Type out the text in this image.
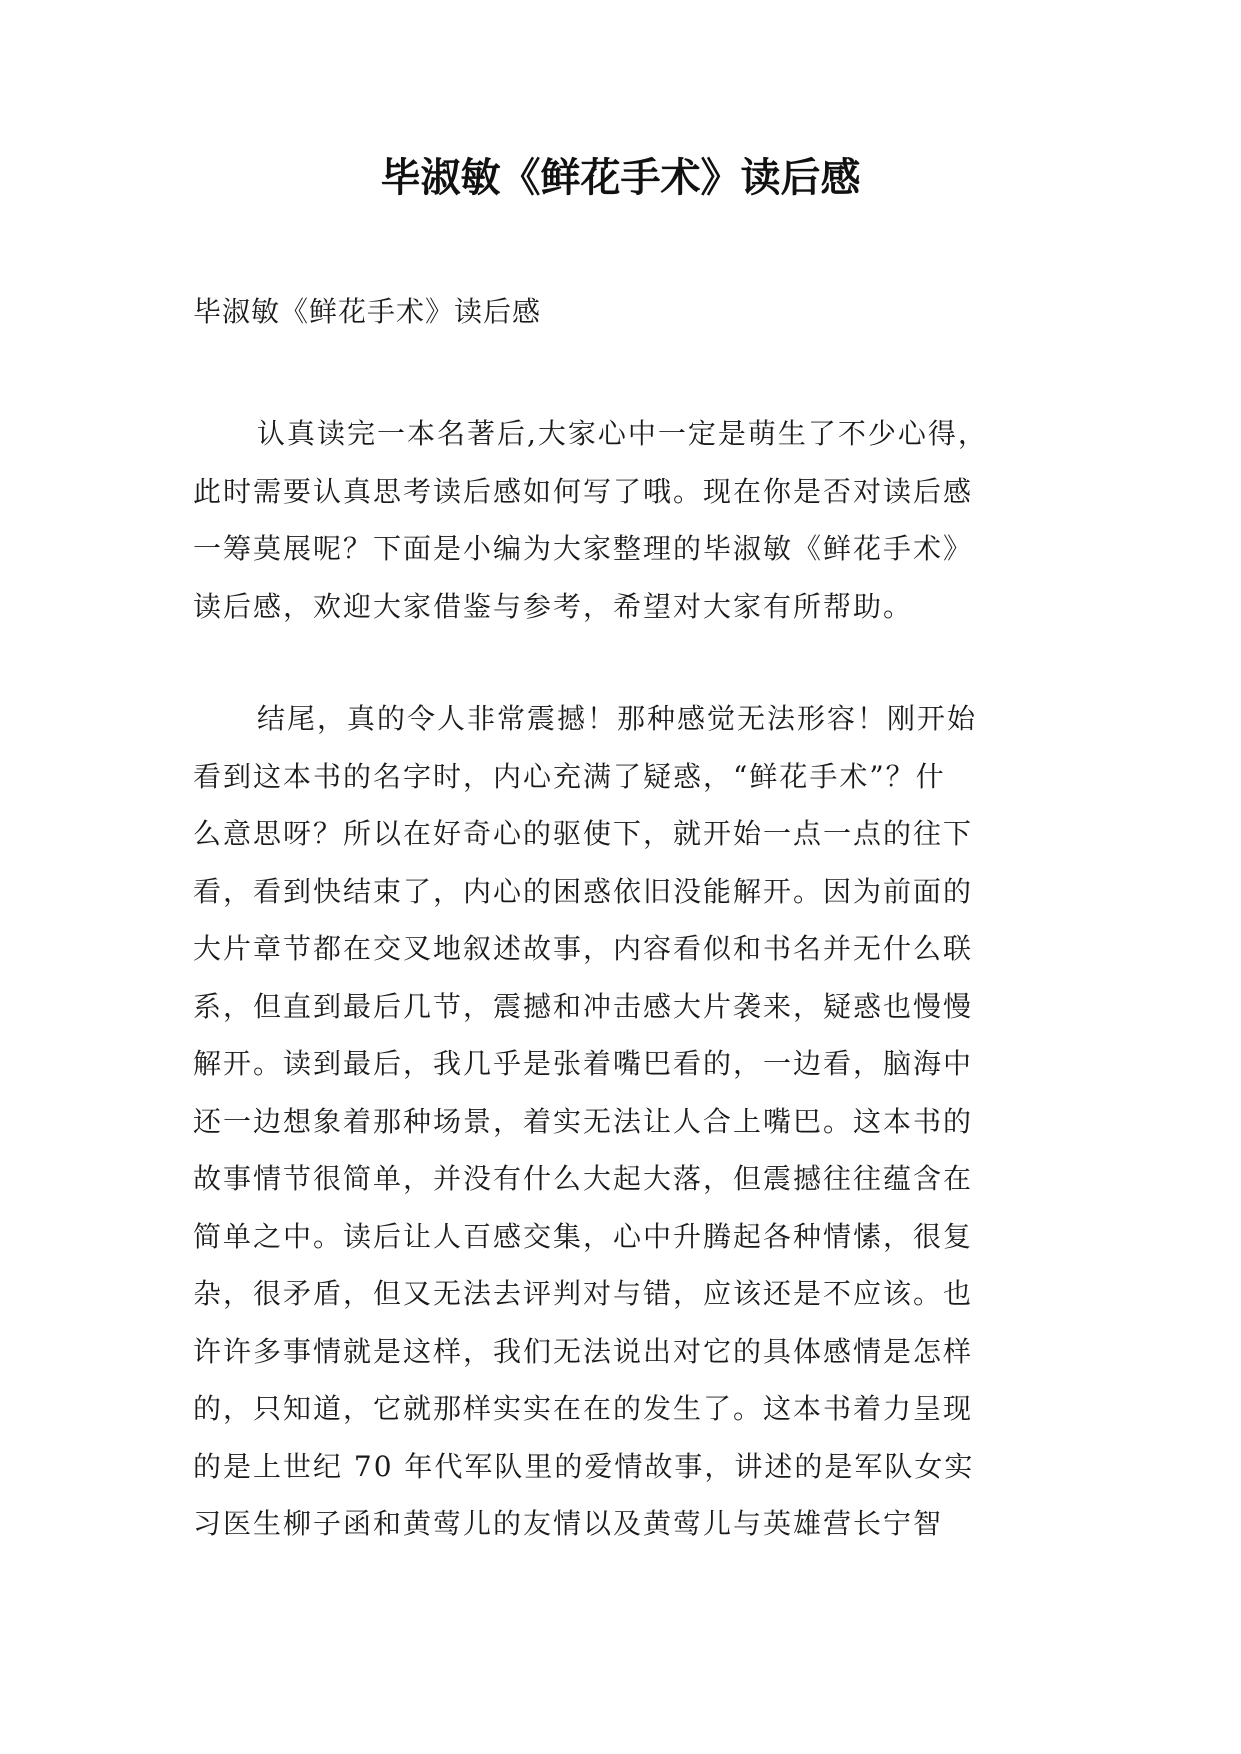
毕淑敏《鲜花手术》读后感

毕淑敏《鲜花手术》读后感

认真读完一本名著后,大家心中一定是萌生了不少心得，
此时需要认真思考读后感如何写了哦。现在你是否对读后感
一筹莫展呢？下面是小编为大家整理的毕淑敏《鲜花手术》
读后感，欢迎大家借鉴与参考，希望对大家有所帮助。
结尾，真的令人非常震撼！那种感觉无法形容！刚开始
看到这本书的名字时，内心充满了疑惑，“鲜花手术”？什
么意思呀？所以在好奇心的驱使下，就开始一点一点的往下
看，看到快结束了，内心的困惑依旧没能解开。因为前面的
大片章节都在交叉地叙述故事，内容看似和书名并无什么联
系，但直到最后几节，震撼和冲击感大片袭来，疑惑也慢慢
解开。读到最后，我几乎是张着嘴巴看的，一边看，脑海中
还一边想象着那种场景，着实无法让人合上嘴巴。这本书的
故事情节很简单，并没有什么大起大落，但震撼往往蕴含在
简单之中。读后让人百感交集，心中升腾起各种情愫，很复
杂，很矛盾，但又无法去评判对与错，应该还是不应该。也
许许多事情就是这样，我们无法说出对它的具体感情是怎样
的，只知道，它就那样实实在在的发生了。这本书着力呈现
的是上世纪 70 年代军队里的爱情故事，讲述的是军队女实
习医生柳子函和黄莺儿的友情以及黄莺儿与英雄营长宁智
